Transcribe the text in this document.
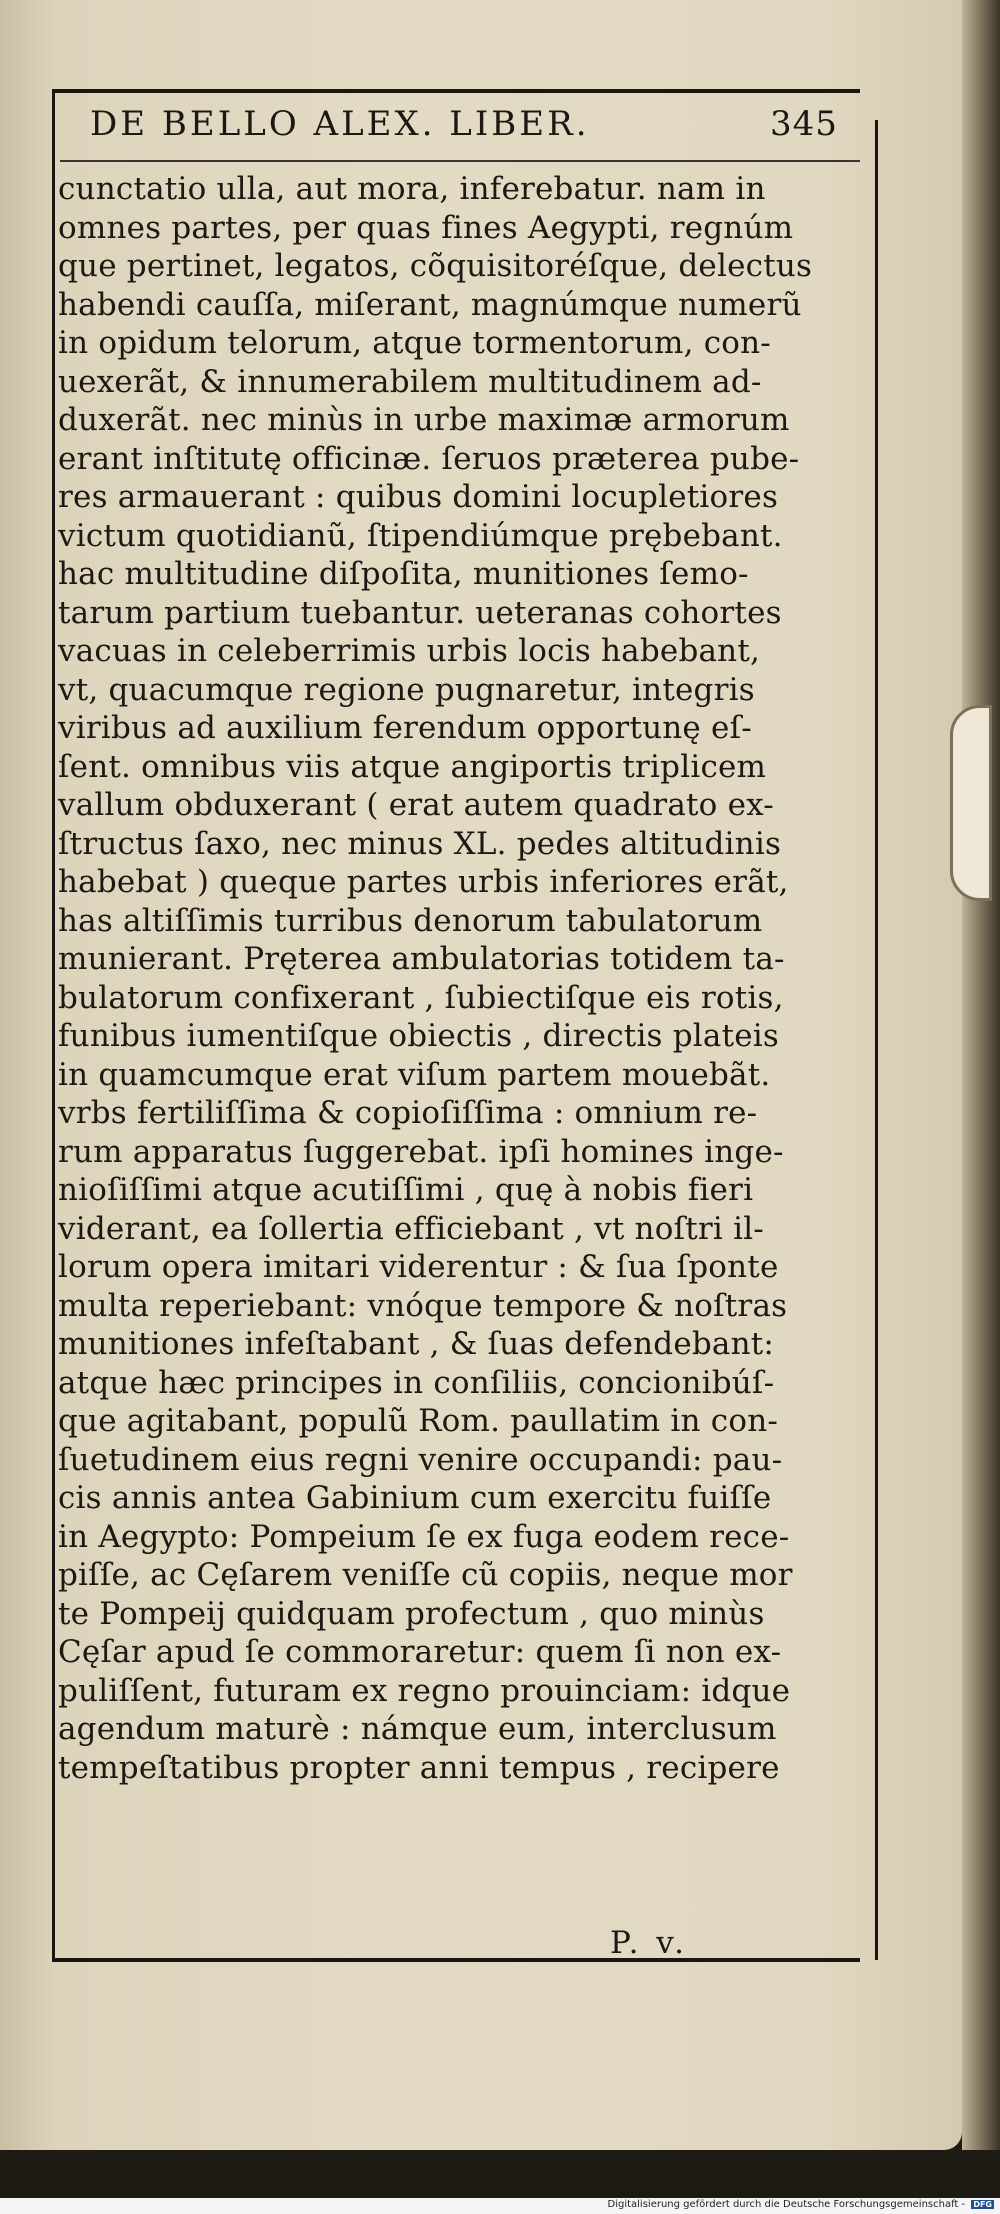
DE BELLO ALEX. LIBER.	345
cunctatio ulla, aut mora, inferebatur. nam in
omnes partes, per quas fines Aegypti, regnúm
que pertinet, legatos, cõquisitoréſque, delectus
habendi cauſſa, miſerant, magnúmque numerũ
in opidum telorum, atque tormentorum, con-
uexerãt, & innumerabilem multitudinem ad-
duxerãt. nec minùs in urbe maximæ armorum
erant inſtitutę officinæ. ſeruos præterea pube-
res armauerant : quibus domini locupletiores
victum quotidianũ, ſtipendiúmque prębebant.
hac multitudine diſpoſita, munitiones ſemo-
tarum partium tuebantur. ueteranas cohortes
vacuas in celeberrimis urbis locis habebant,
vt, quacumque regione pugnaretur, integris
viribus ad auxilium ferendum opportunę eſ-
ſent. omnibus viis atque angiportis triplicem
vallum obduxerant ( erat autem quadrato ex-
ſtructus ſaxo, nec minus XL. pedes altitudinis
habebat ) queque partes urbis inferiores erãt,
has altiſſimis turribus denorum tabulatorum
munierant. Pręterea ambulatorias totidem ta-
bulatorum confixerant , ſubiectiſque eis rotis,
funibus iumentiſque obiectis , directis plateis
in quamcumque erat viſum partem mouebãt.
vrbs fertiliſſima & copioſiſſima : omnium re-
rum apparatus ſuggerebat. ipſi homines inge-
nioſiſſimi atque acutiſſimi , quę à nobis fieri
viderant, ea ſollertia efficiebant , vt noſtri il-
lorum opera imitari viderentur : & ſua ſponte
multa reperiebant: vnóque tempore & noſtras
munitiones infeſtabant , & ſuas defendebant:
atque hæc principes in conſiliis, concionibúſ-
que agitabant, populũ Rom. paullatim in con-
ſuetudinem eius regni venire occupandi: pau-
cis annis antea Gabinium cum exercitu fuiſſe
in Aegypto: Pompeium ſe ex fuga eodem rece-
piſſe, ac Cęſarem veniſſe cũ copiis, neque mor
te Pompeij quidquam profectum , quo minùs
Cęſar apud ſe commoraretur: quem ſi non ex-
puliſſent, futuram ex regno prouinciam: idque
agendum maturè : námque eum, interclusum
tempeſtatibus propter anni tempus , recipere
P. v.
Digitalisierung gefördert durch die Deutsche Forschungsgemeinschaft - DFG
